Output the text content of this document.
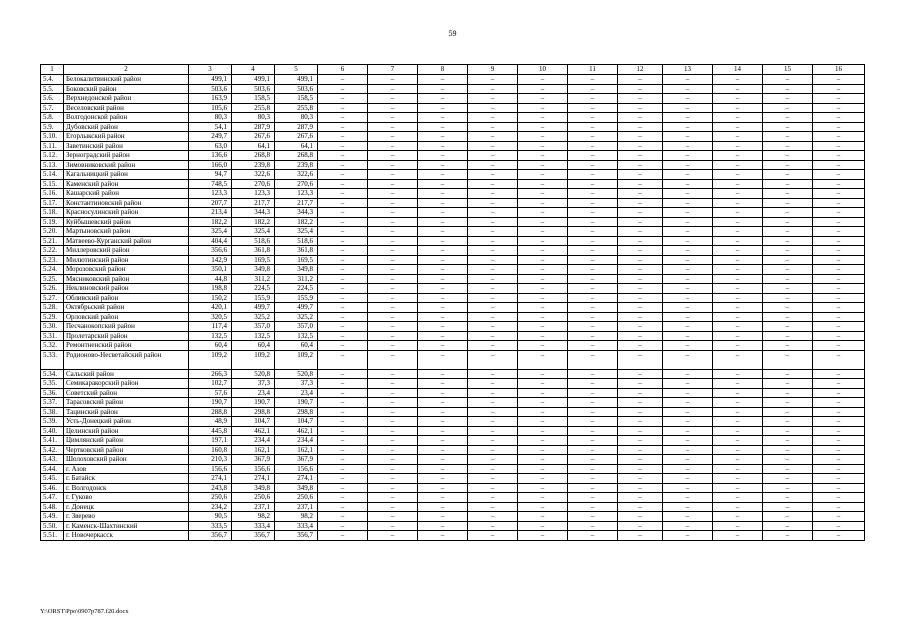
59
1	2	3	4	5	6	7	8	9	10	11	12	13	14	15	16
5.4.	Белокалитвинский район	499,1	499,1	499,1	–	–	–	–	–	–	–	–	–	–	–
5.5.	Боковский район	503,6	503,6	503,6	–	–	–	–	–	–	–	–	–	–	–
5.6.	Верхнедонской район	163,9	158,5	158,5	–	–	–	–	–	–	–	–	–	–	–
5.7.	Веселовский район	105,6	255,8	255,8	–	–	–	–	–	–	–	–	–	–	–
5.8.	Волгодонской район	80,3	80,3	80,3	–	–	–	–	–	–	–	–	–	–	–
5.9.	Дубовский район	54,1	287,9	287,9	–	–	–	–	–	–	–	–	–	–	–
5.10.	Егорлыкский район	249,7	267,6	267,6	–	–	–	–	–	–	–	–	–	–	–
5.11.	Заветинский район	63,0	64,1	64,1	–	–	–	–	–	–	–	–	–	–	–
5.12.	Зерноградский район	136,6	268,8	268,8	–	–	–	–	–	–	–	–	–	–	–
5.13.	Зимовниковский район	166,0	239,8	239,8	–	–	–	–	–	–	–	–	–	–	–
5.14.	Кагальницкий район	94,7	322,6	322,6	–	–	–	–	–	–	–	–	–	–	–
5.15.	Каменский район	748,5	270,6	270,6	–	–	–	–	–	–	–	–	–	–	–
5.16.	Кашарский район	123,3	123,3	123,3	–	–	–	–	–	–	–	–	–	–	–
5.17.	Константиновский район	207,7	217,7	217,7	–	–	–	–	–	–	–	–	–	–	–
5.18.	Красносулинский район	213,4	344,3	344,3	–	–	–	–	–	–	–	–	–	–	–
5.19.	Куйбышевский район	182,2	182,2	182,2	–	–	–	–	–	–	–	–	–	–	–
5.20.	Мартыновский район	325,4	325,4	325,4	–	–	–	–	–	–	–	–	–	–	–
5.21.	Матвеево-Курганский район	404,4	518,6	518,6	–	–	–	–	–	–	–	–	–	–	–
5.22.	Миллеровский район	356,6	361,8	361,8	–	–	–	–	–	–	–	–	–	–	–
5.23.	Милютинский район	142,9	169,5	169,5	–	–	–	–	–	–	–	–	–	–	–
5.24.	Морозовский район	350,1	349,8	349,8	–	–	–	–	–	–	–	–	–	–	–
5.25.	Мясниковский район	44,8	311,2	311,2	–	–	–	–	–	–	–	–	–	–	–
5.26.	Неклиновский район	198,8	224,5	224,5	–	–	–	–	–	–	–	–	–	–	–
5.27.	Обливский район	150,2	155,9	155,9	–	–	–	–	–	–	–	–	–	–	–
5.28.	Октябрьский район	420,1	499,7	499,7	–	–	–	–	–	–	–	–	–	–	–
5.29.	Орловский район	320,5	325,2	325,2	–	–	–	–	–	–	–	–	–	–	–
5.30.	Песчанокопский район	117,4	357,0	357,0	–	–	–	–	–	–	–	–	–	–	–
5.31.	Пролетарский район	132,5	132,5	132,5	–	–	–	–	–	–	–	–	–	–	–
5.32.	Ремонтненский район	60,4	60,4	60,4	–	–	–	–	–	–	–	–	–	–	–
5.33.	Родионово-Несветайский район	109,2	109,2	109,2	–	–	–	–	–	–	–	–	–	–	–
5.34.	Сальский район	266,3	520,8	520,8	–	–	–	–	–	–	–	–	–	–	–
5.35.	Семикаракорский район	102,7	37,3	37,3	–	–	–	–	–	–	–	–	–	–	–
5.36.	Советский район	57,6	23,4	23,4	–	–	–	–	–	–	–	–	–	–	–
5.37.	Тарасовский район	190,7	190,7	190,7	–	–	–	–	–	–	–	–	–	–	–
5.38.	Тацинский район	288,8	298,8	298,8	–	–	–	–	–	–	–	–	–	–	–
5.39.	Усть-Донецкий район	48,9	104,7	104,7	–	–	–	–	–	–	–	–	–	–	–
5.40.	Целинский район	445,8	462,1	462,1	–	–	–	–	–	–	–	–	–	–	–
5.41.	Цимлянский район	197,1	234,4	234,4	–	–	–	–	–	–	–	–	–	–	–
5.42.	Чертковский район	160,8	162,1	162,1	–	–	–	–	–	–	–	–	–	–	–
5.43.	Шолоховский район	210,3	367,9	367,9	–	–	–	–	–	–	–	–	–	–	–
5.44.	г. Азов	156,6	156,6	156,6	–	–	–	–	–	–	–	–	–	–	–
5.45.	г. Батайск	274,1	274,1	274,1	–	–	–	–	–	–	–	–	–	–	–
5.46.	г. Волгодонск	243,8	349,8	349,8	–	–	–	–	–	–	–	–	–	–	–
5.47.	г. Гуково	250,6	250,6	250,6	–	–	–	–	–	–	–	–	–	–	–
5.48.	г. Донецк	234,2	237,1	237,1	–	–	–	–	–	–	–	–	–	–	–
5.49.	г. Зверево	90,5	98,2	98,2	–	–	–	–	–	–	–	–	–	–	–
5.50.	г. Каменск-Шахтинский	333,5	333,4	333,4	–	–	–	–	–	–	–	–	–	–	–
5.51.	г. Новочеркасск	356,7	356,7	356,7	–	–	–	–	–	–	–	–	–	–	–
Y:\ORST\Ppo\0907p787.f20.docx
